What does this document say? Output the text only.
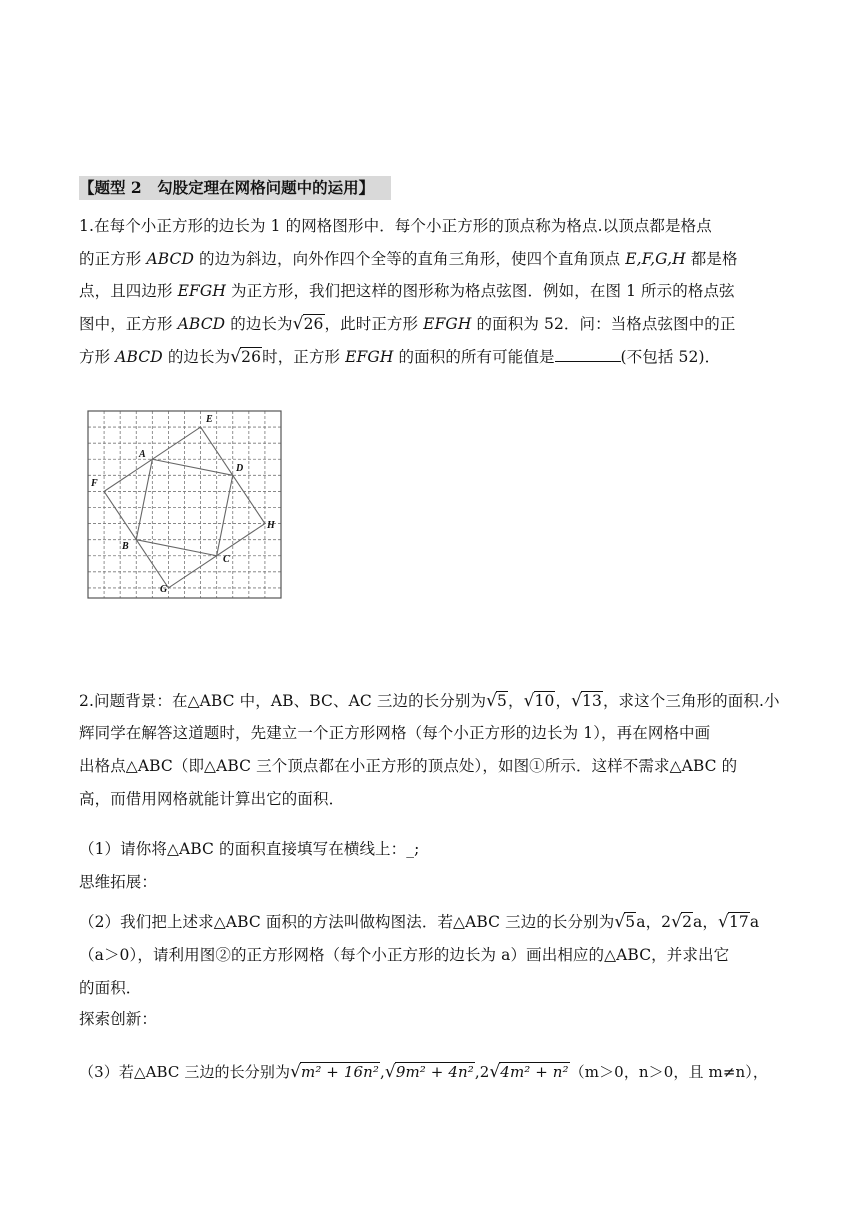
【题型 2　勾股定理在网格问题中的运用】
1.在每个小正方形的边长为 1 的网格图形中．每个小正方形的顶点称为格点.以顶点都是格点
的正方形 ABCD 的边为斜边，向外作四个全等的直角三角形，使四个直角顶点 E,F,G,H 都是格
点，且四边形 EFGH 为正方形，我们把这样的图形称为格点弦图．例如，在图 1 所示的格点弦
图中，正方形 ABCD 的边长为√26，此时正方形 EFGH 的面积为 52．问：当格点弦图中的正
方形 ABCD 的边长为√26时，正方形 EFGH 的面积的所有可能值是	(不包括 52)．
E
A
D
F
H
B
C
G
2.问题背景：在△ABC 中，AB、BC、AC 三边的长分别为√5，√10，√13，求这个三角形的面积.小
辉同学在解答这道题时，先建立一个正方形网格（每个小正方形的边长为 1），再在网格中画
出格点△ABC（即△ABC 三个顶点都在小正方形的顶点处），如图①所示．这样不需求△ABC 的
高，而借用网格就能计算出它的面积．
（1）请你将△ABC 的面积直接填写在横线上：_;
思维拓展：
（2）我们把上述求△ABC 面积的方法叫做构图法．若△ABC 三边的长分别为√5a，2√2a，√17a
（a＞0），请利用图②的正方形网格（每个小正方形的边长为 a）画出相应的△ABC，并求出它
的面积．
探索创新：
（3）若△ABC 三边的长分别为√m² + 16n²,√9m² + 4n²,2√4m² + n²（m＞0，n＞0，且 m≠n），
